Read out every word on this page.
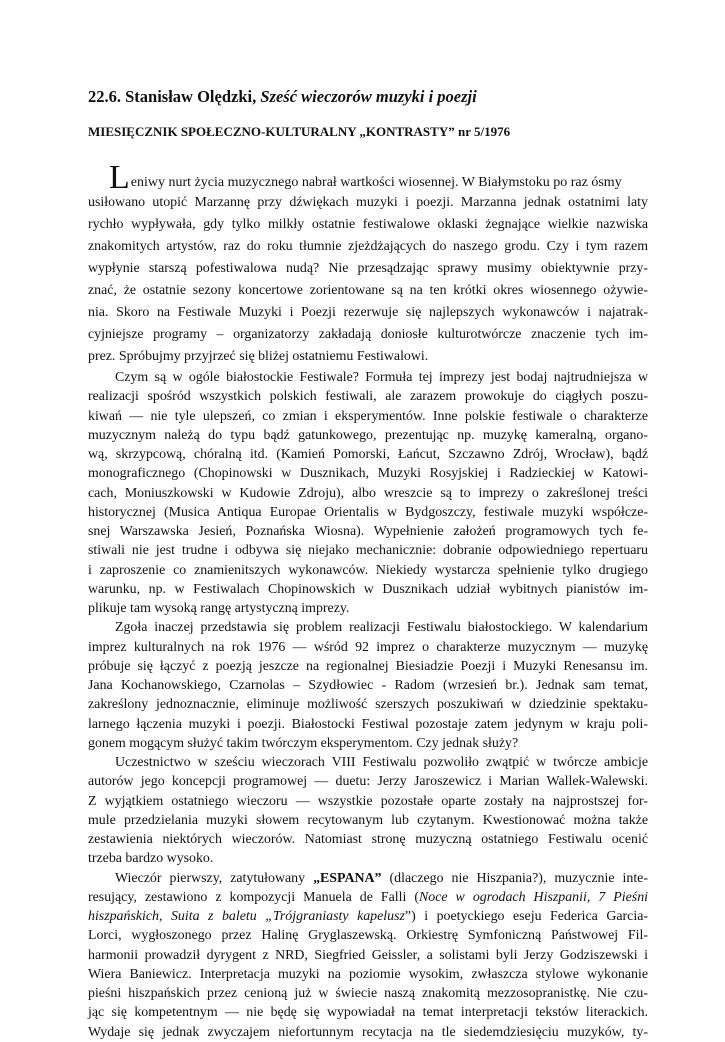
22.6. Stanisław Olędzki, Sześć wieczorów muzyki i poezji
MIESIĘCZNIK SPOŁECZNO-KULTURALNY „KONTRASTY” nr 5/1976
Leniwy nurt życia muzycznego nabrał wartkości wiosennej. W Białymstoku po raz ósmy
usiłowano utopić Marzannę przy dźwiękach muzyki i poezji. Marzanna jednak ostatnimi laty
rychło wypływała, gdy tylko milkły ostatnie festiwalowe oklaski żegnające wielkie nazwiska
znakomitych artystów, raz do roku tłumnie zjeżdżających do naszego grodu. Czy i tym razem
wypłynie starszą pofestiwalowa nudą? Nie przesądzając sprawy musimy obiektywnie przy-
znać, że ostatnie sezony koncertowe zorientowane są na ten krótki okres wiosennego ożywie-
nia. Skoro na Festiwale Muzyki i Poezji rezerwuje się najlepszych wykonawców i najatrak-
cyjniejsze programy – organizatorzy zakładają doniosłe kulturotwórcze znaczenie tych im-
prez. Spróbujmy przyjrzeć się bliżej ostatniemu Festiwalowi.
Czym są w ogóle białostockie Festiwale? Formuła tej imprezy jest bodaj najtrudniejsza w
realizacji spośród wszystkich polskich festiwali, ale zarazem prowokuje do ciągłych poszu-
kiwań — nie tyle ulepszeń, co zmian i eksperymentów. Inne polskie festiwale o charakterze
muzycznym należą do typu bądź gatunkowego, prezentując np. muzykę kameralną, organo-
wą, skrzypcową, chóralną itd. (Kamień Pomorski, Łańcut, Szczawno Zdrój, Wrocław), bądź
monograficznego (Chopinowski w Dusznikach, Muzyki Rosyjskiej i Radzieckiej w Katowi-
cach, Moniuszkowski w Kudowie Zdroju), albo wreszcie są to imprezy o zakreślonej treści
historycznej (Musica Antiqua Europae Orientalis w Bydgoszczy, festiwale muzyki współcze-
snej Warszawska Jesień, Poznańska Wiosna). Wypełnienie założeń programowych tych fe-
stiwali nie jest trudne i odbywa się niejako mechanicznie: dobranie odpowiedniego repertuaru
i zaproszenie co znamienitszych wykonawców. Niekiedy wystarcza spełnienie tylko drugiego
warunku, np. w Festiwalach Chopinowskich w Dusznikach udział wybitnych pianistów im-
plikuje tam wysoką rangę artystyczną imprezy.
Zgoła inaczej przedstawia się problem realizacji Festiwalu białostockiego. W kalendarium
imprez kulturalnych na rok 1976 — wśród 92 imprez o charakterze muzycznym — muzykę
próbuje się łączyć z poezją jeszcze na regionalnej Biesiadzie Poezji i Muzyki Renesansu im.
Jana Kochanowskiego, Czarnolas – Szydłowiec - Radom (wrzesień br.). Jednak sam temat,
zakreślony jednoznacznie, eliminuje możliwość szerszych poszukiwań w dziedzinie spektaku-
larnego łączenia muzyki i poezji. Białostocki Festiwal pozostaje zatem jedynym w kraju poli-
gonem mogącym służyć takim twórczym eksperymentom. Czy jednak służy?
Uczestnictwo w sześciu wieczorach VIII Festiwalu pozwoliło zwątpić w twórcze ambicje
autorów jego koncepcji programowej — duetu: Jerzy Jaroszewicz i Marian Wallek-Walewski.
Z wyjątkiem ostatniego wieczoru — wszystkie pozostałe oparte zostały na najprostszej for-
mule przedzielania muzyki słowem recytowanym lub czytanym. Kwestionować można także
zestawienia niektórych wieczorów. Natomiast stronę muzyczną ostatniego Festiwalu ocenić
trzeba bardzo wysoko.
Wieczór pierwszy, zatytułowany „ESPANA” (dlaczego nie Hiszpania?), muzycznie inte-
resujący, zestawiono z kompozycji Manuela de Falli (Noce w ogrodach Hiszpanii, 7 Pieśni
hiszpańskich, Suita z baletu „Trójgraniasty kapelusz”) i poetyckiego eseju Federica Garcia-
Lorci, wygłoszonego przez Halinę Gryglaszewską. Orkiestrę Symfoniczną Państwowej Fil-
harmonii prowadził dyrygent z NRD, Siegfried Geissler, a solistami byli Jerzy Godziszewski i
Wiera Baniewicz. Interpretacja muzyki na poziomie wysokim, zwłaszcza stylowe wykonanie
pieśni hiszpańskich przez cenioną już w świecie naszą znakomitą mezzosopranistkę. Nie czu-
jąc się kompetentnym — nie będę się wypowiadał na temat interpretacji tekstów literackich.
Wydaje się jednak zwyczajem niefortunnym recytacja na tle siedemdziesięciu muzyków, ty-
